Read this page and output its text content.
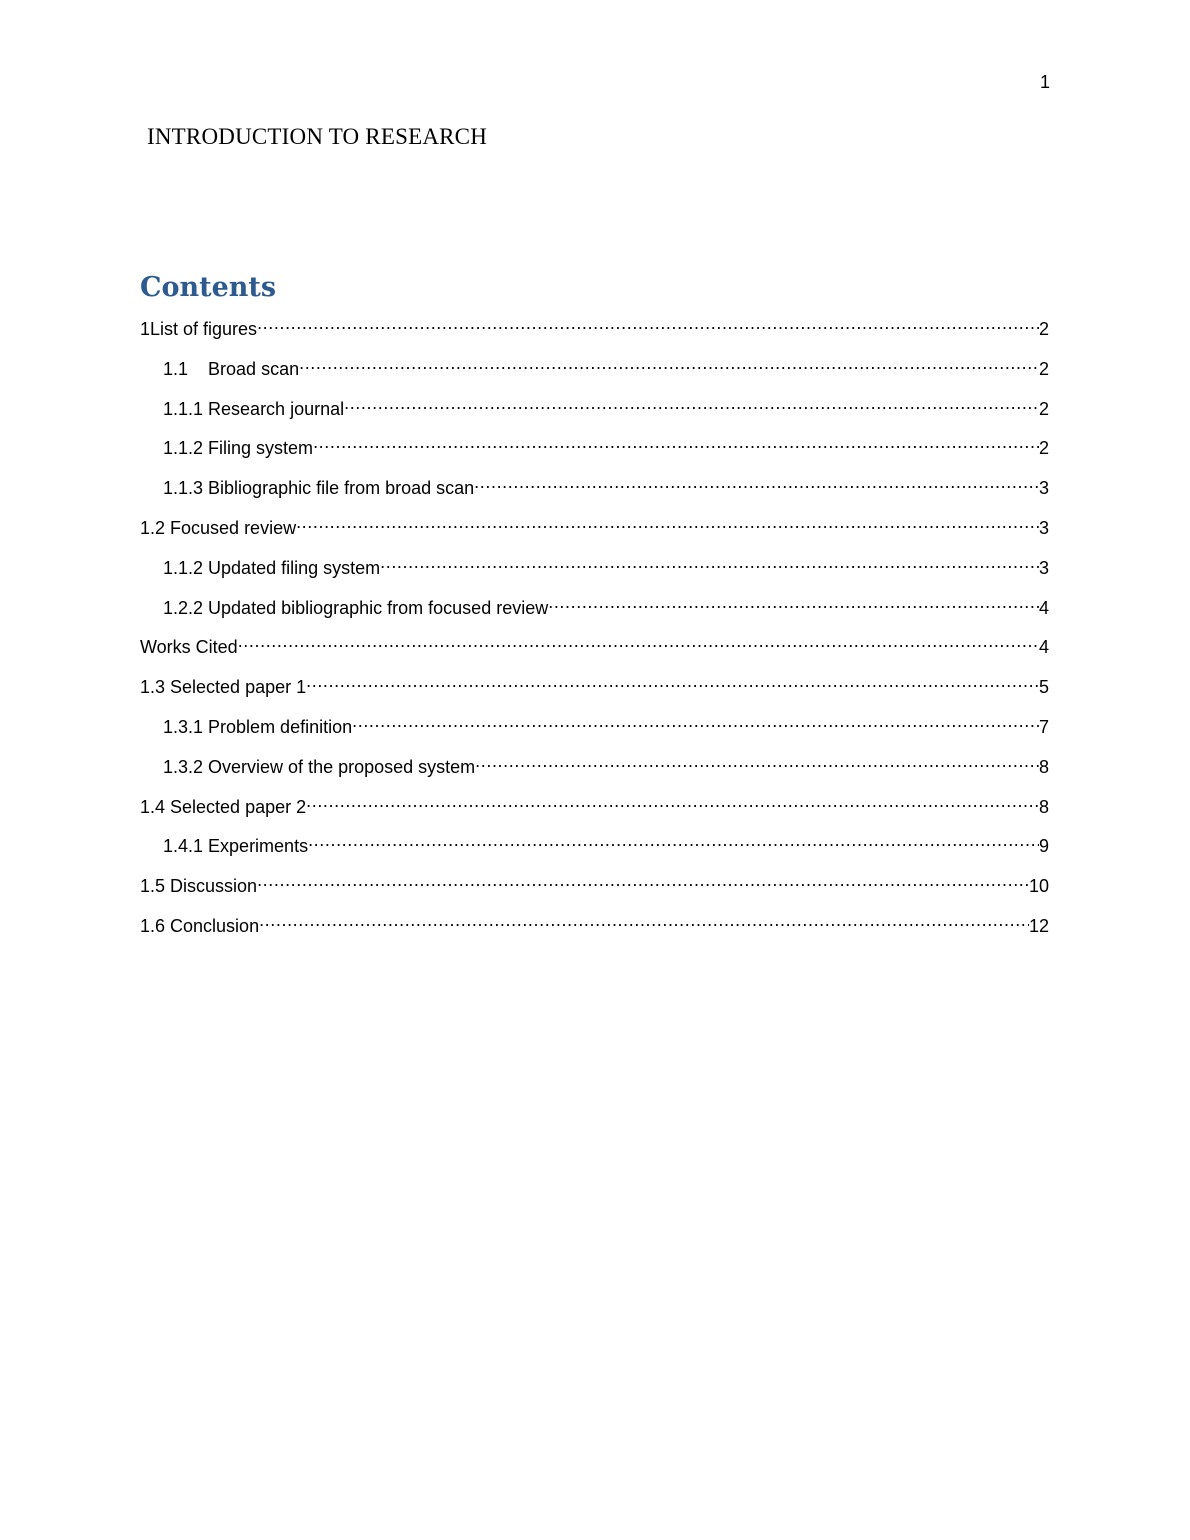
1
INTRODUCTION TO RESEARCH
Contents
1List of figures .....	2
1.1 Broad scan .....	2
1.1.1 Research journal .....	2
1.1.2 Filing system .....	2
1.1.3 Bibliographic file from broad scan .....	3
1.2 Focused review .....	3
1.1.2 Updated filing system .....	3
1.2.2 Updated bibliographic from focused review .....	4
Works Cited .....	4
1.3 Selected paper 1 .....	5
1.3.1 Problem definition .....	7
1.3.2 Overview of the proposed system .....	8
1.4 Selected paper 2 .....	8
1.4.1 Experiments .....	9
1.5 Discussion .....	10
1.6 Conclusion .....	12
